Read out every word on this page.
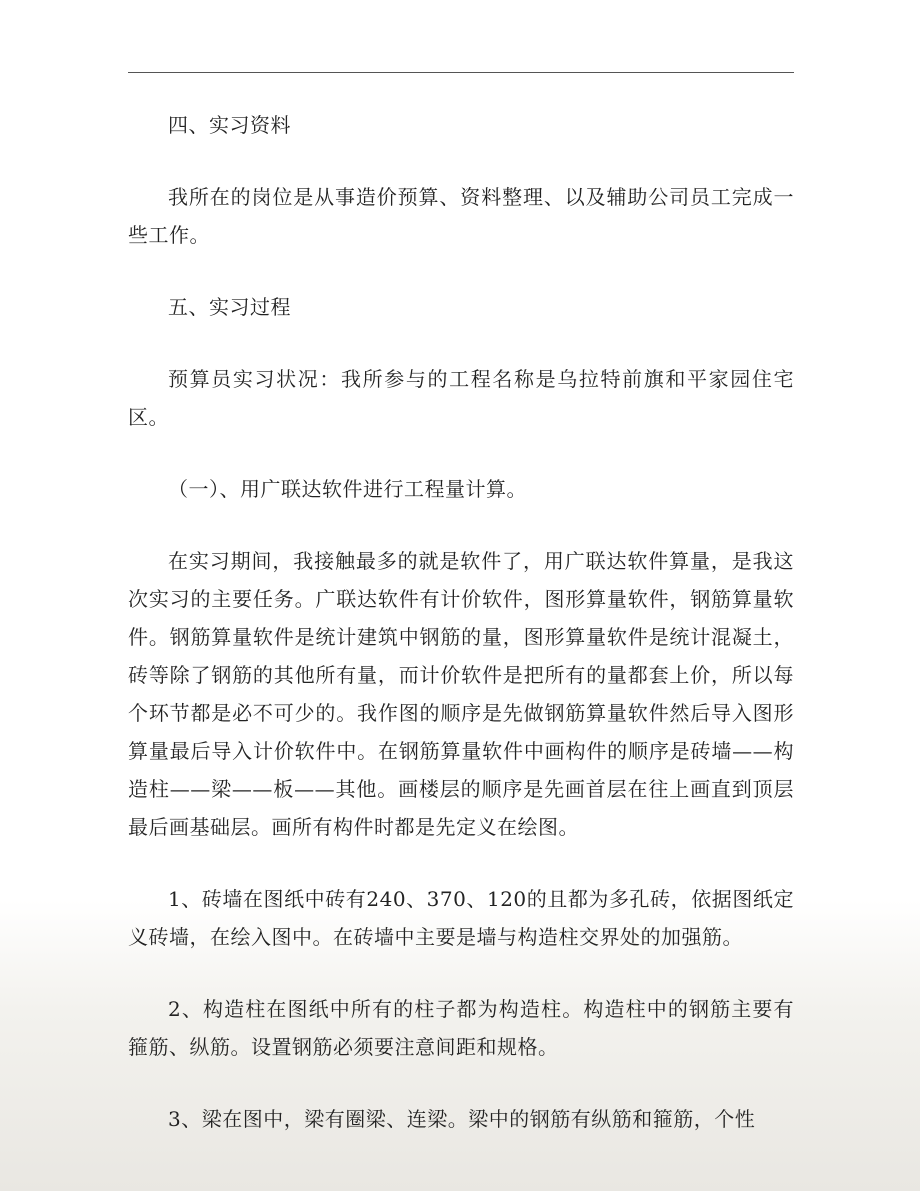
四、实习资料

我所在的岗位是从事造价预算、资料整理、以及辅助公司员工完成一些工作。

五、实习过程

预算员实习状况：我所参与的工程名称是乌拉特前旗和平家园住宅区。

（一）、用广联达软件进行工程量计算。

在实习期间，我接触最多的就是软件了，用广联达软件算量，是我这次实习的主要任务。广联达软件有计价软件，图形算量软件，钢筋算量软件。钢筋算量软件是统计建筑中钢筋的量，图形算量软件是统计混凝土，砖等除了钢筋的其他所有量，而计价软件是把所有的量都套上价，所以每个环节都是必不可少的。我作图的顺序是先做钢筋算量软件然后导入图形算量最后导入计价软件中。在钢筋算量软件中画构件的顺序是砖墙——构造柱——梁——板——其他。画楼层的顺序是先画首层在往上画直到顶层最后画基础层。画所有构件时都是先定义在绘图。

1、砖墙在图纸中砖有240、370、120的且都为多孔砖，依据图纸定义砖墙，在绘入图中。在砖墙中主要是墙与构造柱交界处的加强筋。

2、构造柱在图纸中所有的柱子都为构造柱。构造柱中的钢筋主要有箍筋、纵筋。设置钢筋必须要注意间距和规格。

3、梁在图中，梁有圈梁、连梁。梁中的钢筋有纵筋和箍筋，个性
